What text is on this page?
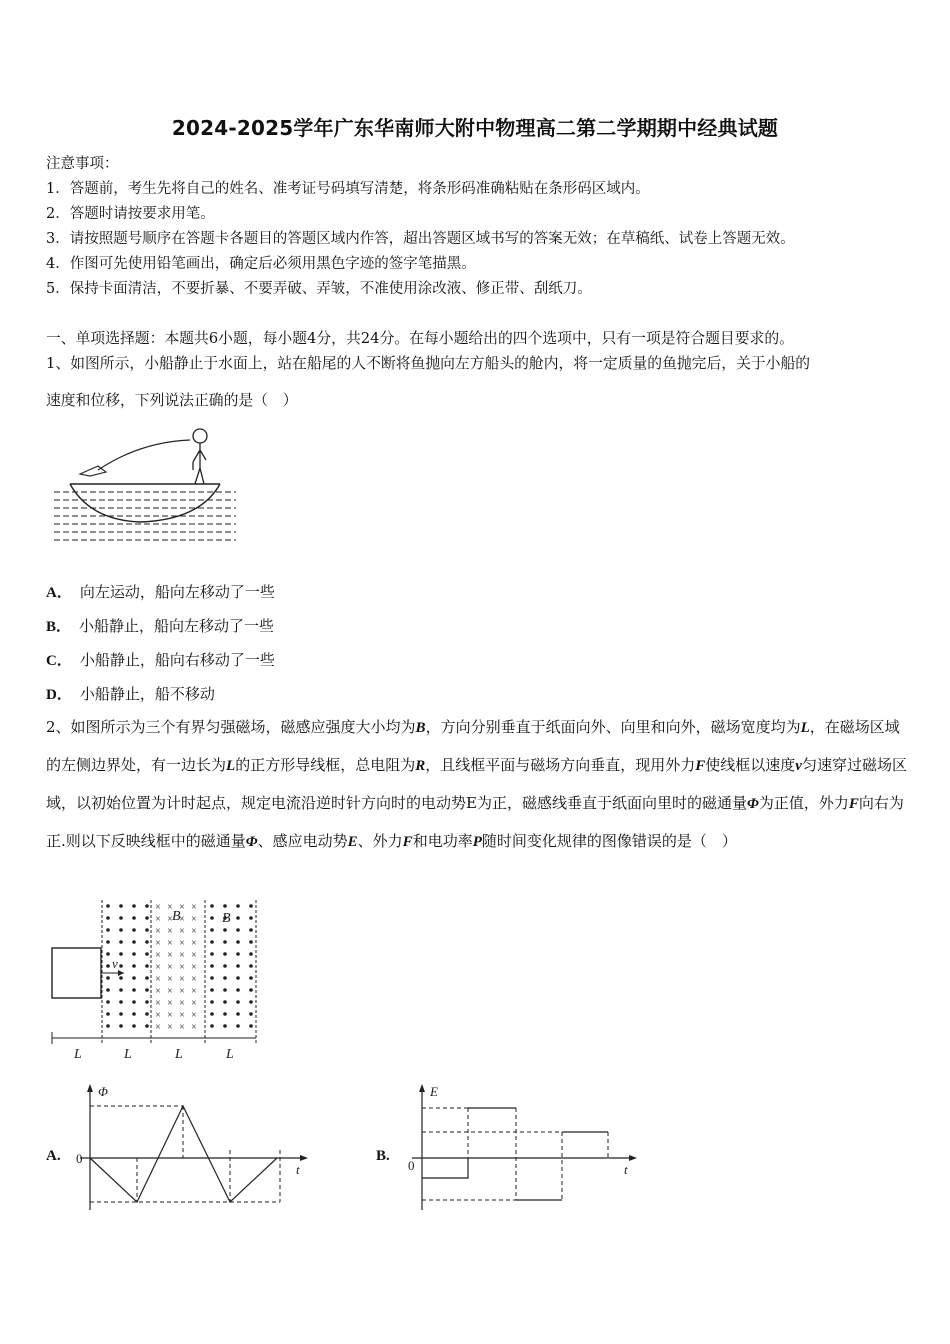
2024-2025学年广东华南师大附中物理高二第二学期期中经典试题
注意事项：
1．答题前，考生先将自己的姓名、准考证号码填写清楚，将条形码准确粘贴在条形码区域内。
2．答题时请按要求用笔。
3．请按照题号顺序在答题卡各题目的答题区域内作答，超出答题区域书写的答案无效；在草稿纸、试卷上答题无效。
4．作图可先使用铅笔画出，确定后必须用黑色字迹的签字笔描黑。
5．保持卡面清洁，不要折暴、不要弄破、弄皱，不准使用涂改液、修正带、刮纸刀。
一、单项选择题：本题共6小题，每小题4分，共24分。在每小题给出的四个选项中，只有一项是符合题目要求的。
1、如图所示，小船静止于水面上，站在船尾的人不断将鱼抛向左方船头的舱内，将一定质量的鱼抛完后，关于小船的
速度和位移，下列说法正确的是（　）
A． 向左运动，船向左移动了一些
B． 小船静止，船向左移动了一些
C． 小船静止，船向右移动了一些
D． 小船静止，船不移动
2、如图所示为三个有界匀强磁场，磁感应强度大小均为B，方向分别垂直于纸面向外、向里和向外，磁场宽度均为L，在磁场区域的左侧边界处，有一边长为L的正方形导线框，总电阻为R，且线框平面与磁场方向垂直，现用外力F使线框以速度v匀速穿过磁场区域，以初始位置为计时起点，规定电流沿逆时针方向时的电动势E为正，磁感线垂直于纸面向里时的磁通量Φ为正值，外力F向右为正.则以下反映线框中的磁通量Φ、感应电动势E、外力F和电功率P随时间变化规律的图像错误的是（　）
× × × ×
× × × ×
× × × ×
× × × ×
× × × ×
× × × ×
× × × ×
× × × ×
× × × ×
× × × ×
× × × ×
B	B
v
L	L	L	L
A.
Φ
t
0	B.
E
t
0
